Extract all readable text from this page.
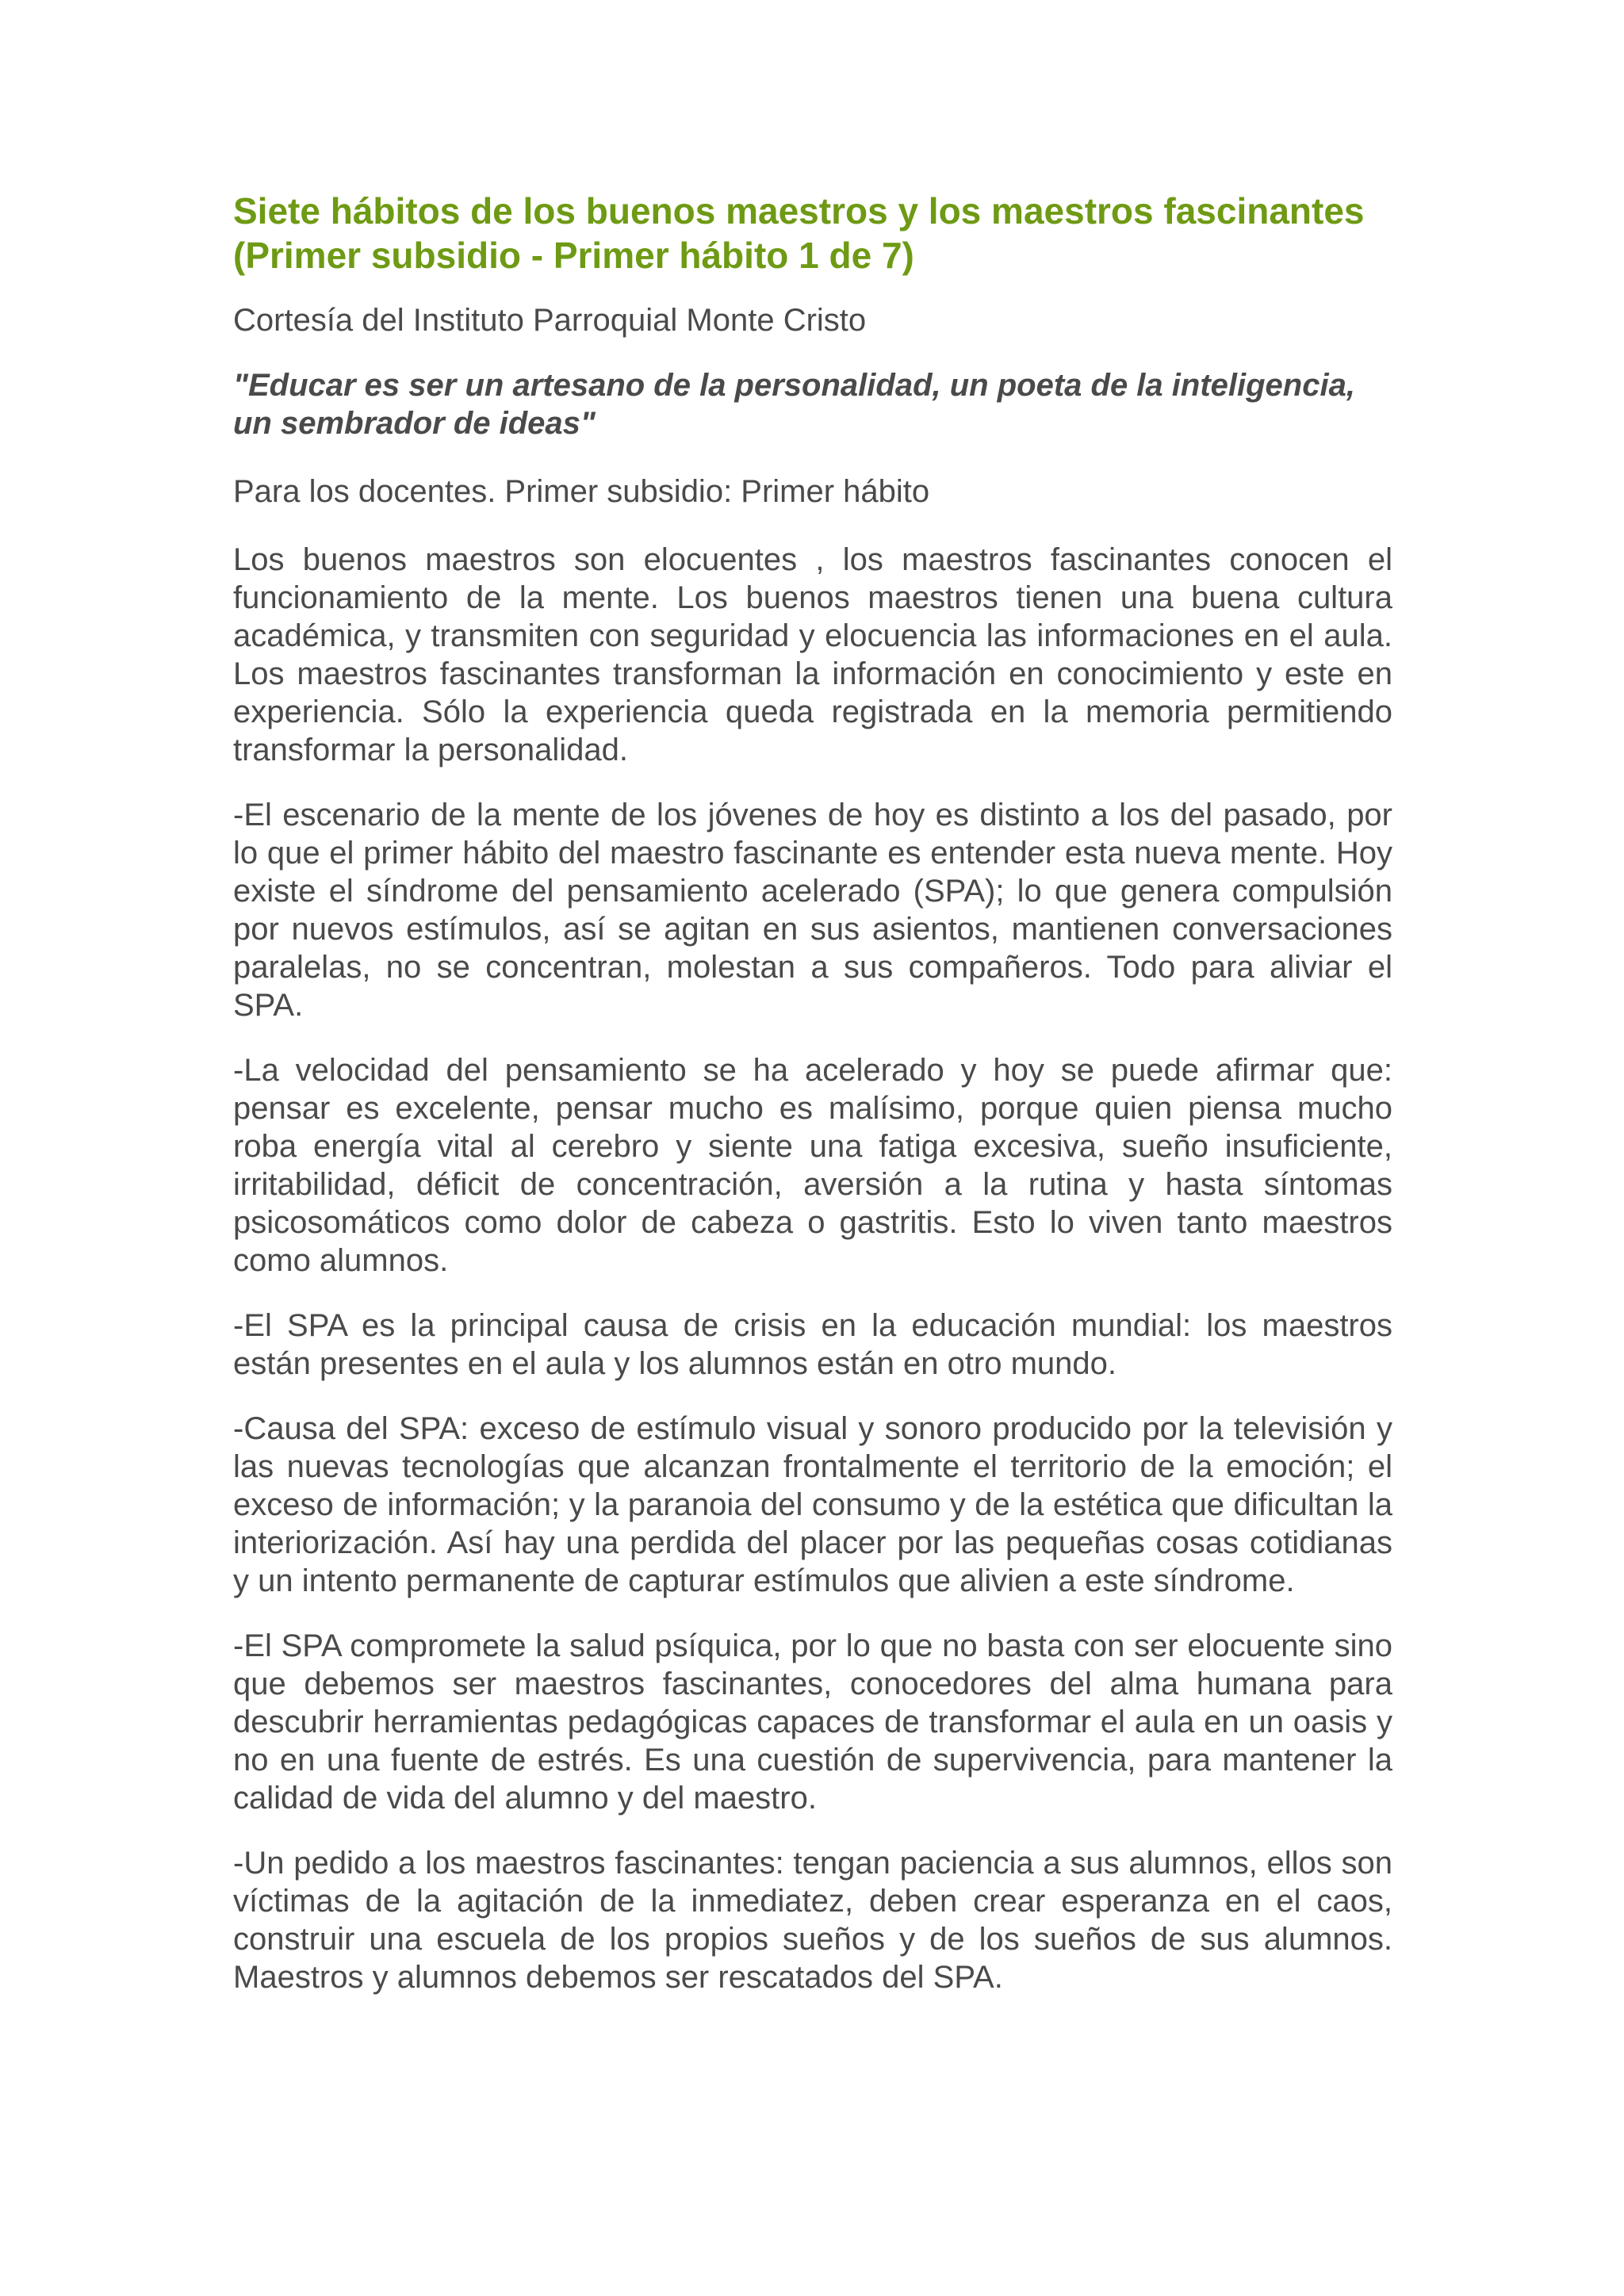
Siete hábitos de los buenos maestros y los maestros fascinantes
(Primer subsidio - Primer hábito 1 de 7)

Cortesía del Instituto Parroquial Monte Cristo

"Educar es ser un artesano de la personalidad, un poeta de la inteligencia,
un sembrador de ideas"

Para los docentes. Primer subsidio: Primer hábito

Los buenos maestros son elocuentes , los maestros fascinantes conocen el funcionamiento de la mente. Los buenos maestros tienen una buena cultura académica, y transmiten con seguridad y elocuencia las informaciones en el aula. Los maestros fascinantes transforman la información en conocimiento y este en experiencia. Sólo la experiencia queda registrada en la memoria permitiendo transformar la personalidad.

-El escenario de la mente de los jóvenes de hoy es distinto a los del pasado, por lo que el primer hábito del maestro fascinante es entender esta nueva mente. Hoy existe el síndrome del pensamiento acelerado (SPA); lo que genera compulsión por nuevos estímulos, así se agitan en sus asientos, mantienen conversaciones paralelas, no se concentran, molestan a sus compañeros. Todo para aliviar el SPA.

-La velocidad del pensamiento se ha acelerado y hoy se puede afirmar que: pensar es excelente, pensar mucho es malísimo, porque quien piensa mucho roba energía vital al cerebro y siente una fatiga excesiva, sueño insuficiente, irritabilidad, déficit de concentración, aversión a la rutina y hasta síntomas psicosomáticos como dolor de cabeza o gastritis. Esto lo viven tanto maestros como alumnos.

-El SPA es la principal causa de crisis en la educación mundial: los maestros están presentes en el aula y los alumnos están en otro mundo.

-Causa del SPA: exceso de estímulo visual y sonoro producido por la televisión y las nuevas tecnologías que alcanzan frontalmente el territorio de la emoción; el exceso de información; y la paranoia del consumo y de la estética que dificultan la interiorización. Así hay una perdida del placer por las pequeñas cosas cotidianas y un intento permanente de capturar estímulos que alivien a este síndrome.

-El SPA compromete la salud psíquica, por lo que no basta con ser elocuente sino que debemos ser maestros fascinantes, conocedores del alma humana para descubrir herramientas pedagógicas capaces de transformar el aula en un oasis y no en una fuente de estrés. Es una cuestión de supervivencia, para mantener la calidad de vida del alumno y del maestro.

-Un pedido a los maestros fascinantes: tengan paciencia a sus alumnos, ellos son víctimas de la agitación de la inmediatez, deben crear esperanza en el caos, construir una escuela de los propios sueños y de los sueños de sus alumnos. Maestros y alumnos debemos ser rescatados del SPA.
